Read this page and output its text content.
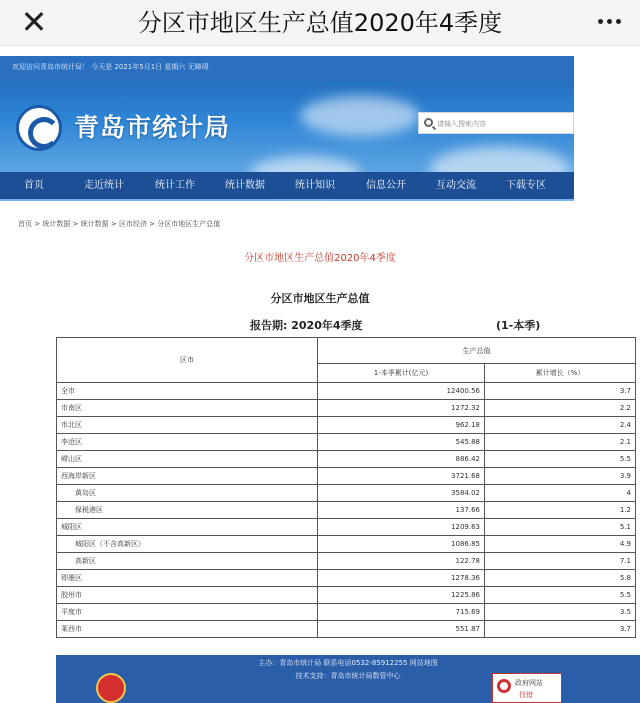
✕	分区市地区生产总值2020年4季度
欢迎访问青岛市统计局！ 今天是 2021年5月1日 星期六 无障碍
青岛市统计局	请输入搜索内容
首页	走近统计	统计工作	统计数据	统计知识	信息公开	互动交流	下载专区
首页 > 统计数据 > 统计数据 > 区市经济 > 分区市地区生产总值
分区市地区生产总值2020年4季度
分区市地区生产总值
报告期: 2020年4季度	(1-本季)
区市	生产总值	
	1-本季累计(亿元)	累计增长（%）
全市	12400.56	3.7
市南区	1272.32	2.2
市北区	962.18	2.4
李沧区	545.88	2.1
崂山区	886.42	5.5
西海岸新区	3721.68	3.9
黄岛区	3584.02	4
保税港区	137.66	1.2
城阳区	1209.63	5.1
城阳区（不含高新区）	1086.85	4.9
高新区	122.78	7.1
即墨区	1278.36	5.8
胶州市	1225.86	5.5
平度市	715.69	3.5
莱西市	551.87	3.7
主办：青岛市统计局 联系电话0532-85912255 网站地图
技术支持：青岛市统计局数管中心
政府网站
找错
